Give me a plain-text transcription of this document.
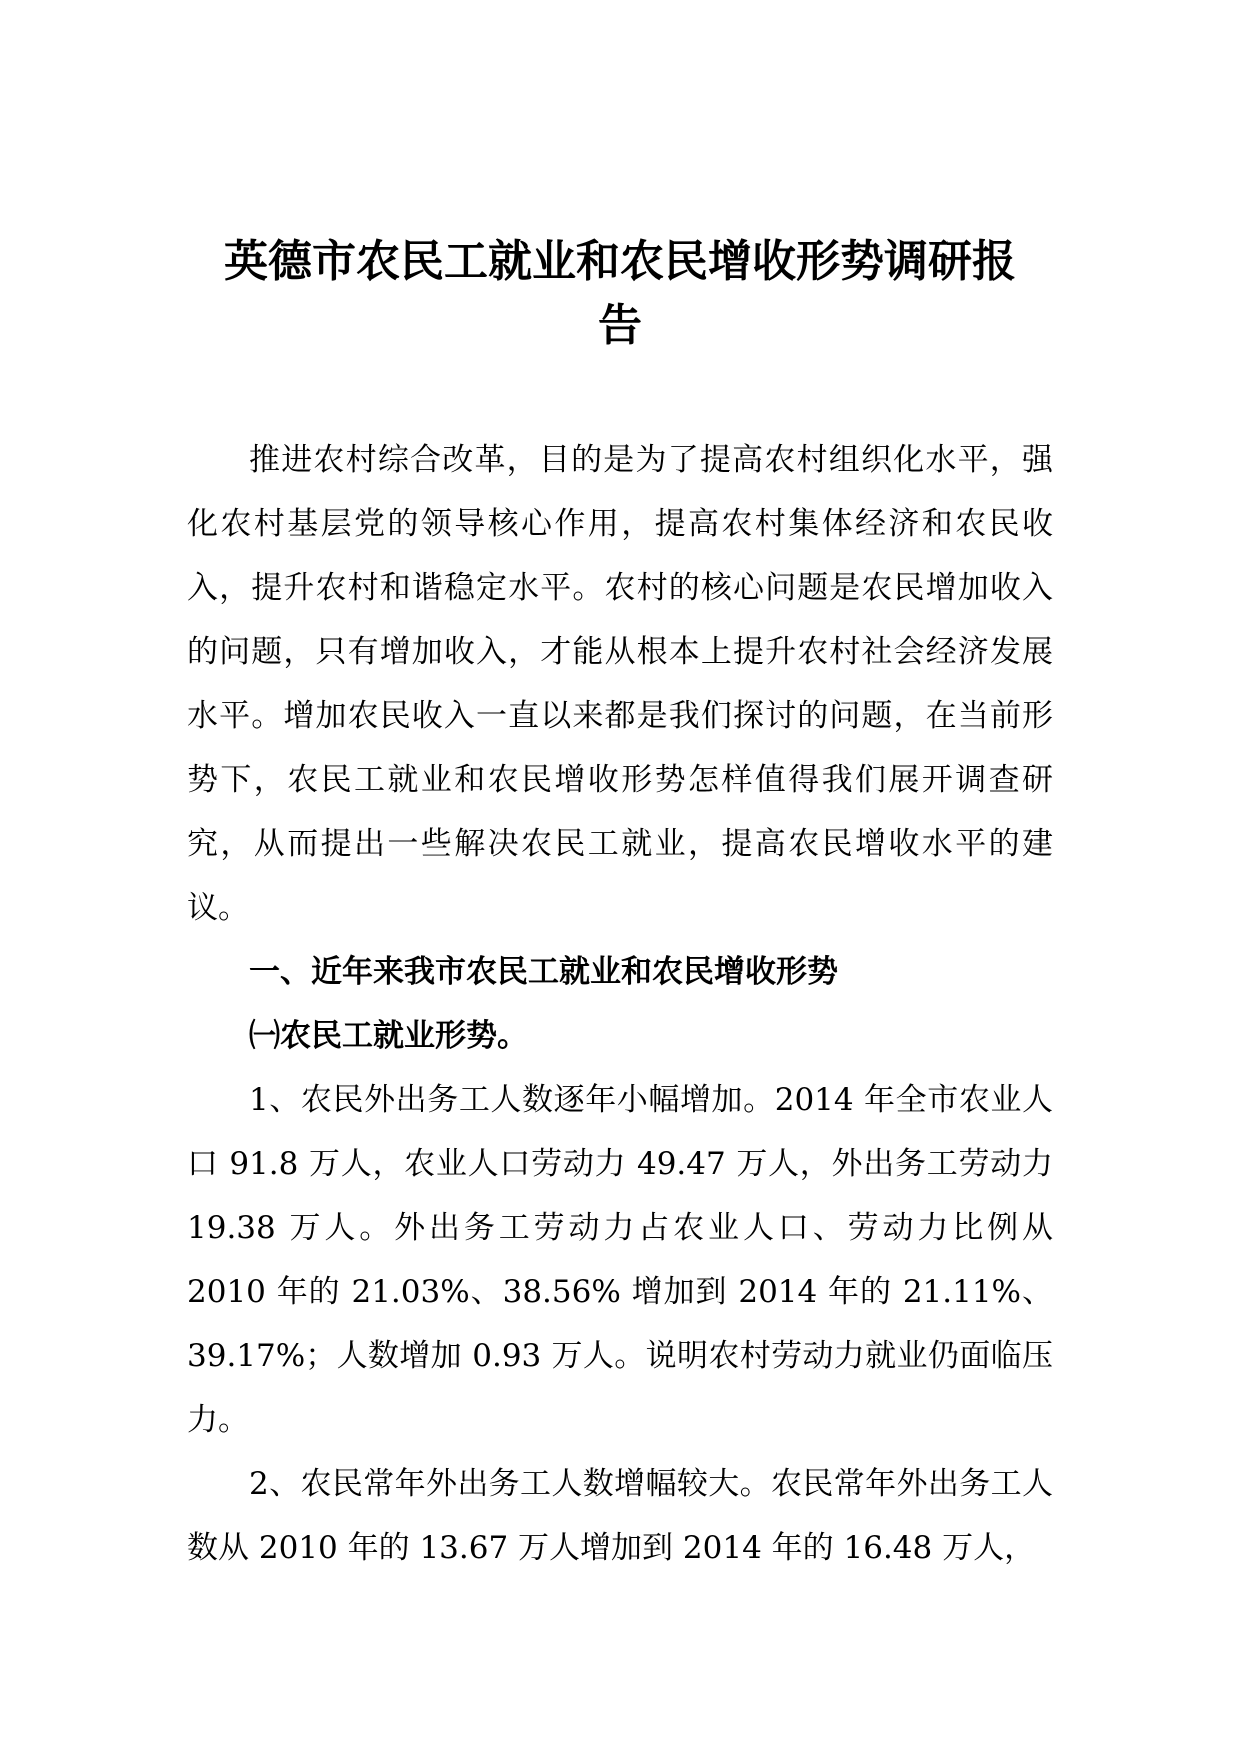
英德市农民工就业和农民增收形势调研报
告

推进农村综合改革，目的是为了提高农村组织化水平，强化农村基层党的领导核心作用，提高农村集体经济和农民收入，提升农村和谐稳定水平。农村的核心问题是农民增加收入的问题，只有增加收入，才能从根本上提升农村社会经济发展水平。增加农民收入一直以来都是我们探讨的问题，在当前形势下，农民工就业和农民增收形势怎样值得我们展开调查研究，从而提出一些解决农民工就业，提高农民增收水平的建议。

一、近年来我市农民工就业和农民增收形势

㈠农民工就业形势。

1、农民外出务工人数逐年小幅增加。2014 年全市农业人口 91.8 万人，农业人口劳动力 49.47 万人，外出务工劳动力 19.38 万人。外出务工劳动力占农业人口、劳动力比例从 2010 年的 21.03%、38.56% 增加到 2014 年的 21.11%、39.17%；人数增加 0.93 万人。说明农村劳动力就业仍面临压力。

2、农民常年外出务工人数增幅较大。农民常年外出务工人数从 2010 年的 13.67 万人增加到 2014 年的 16.48 万人，
